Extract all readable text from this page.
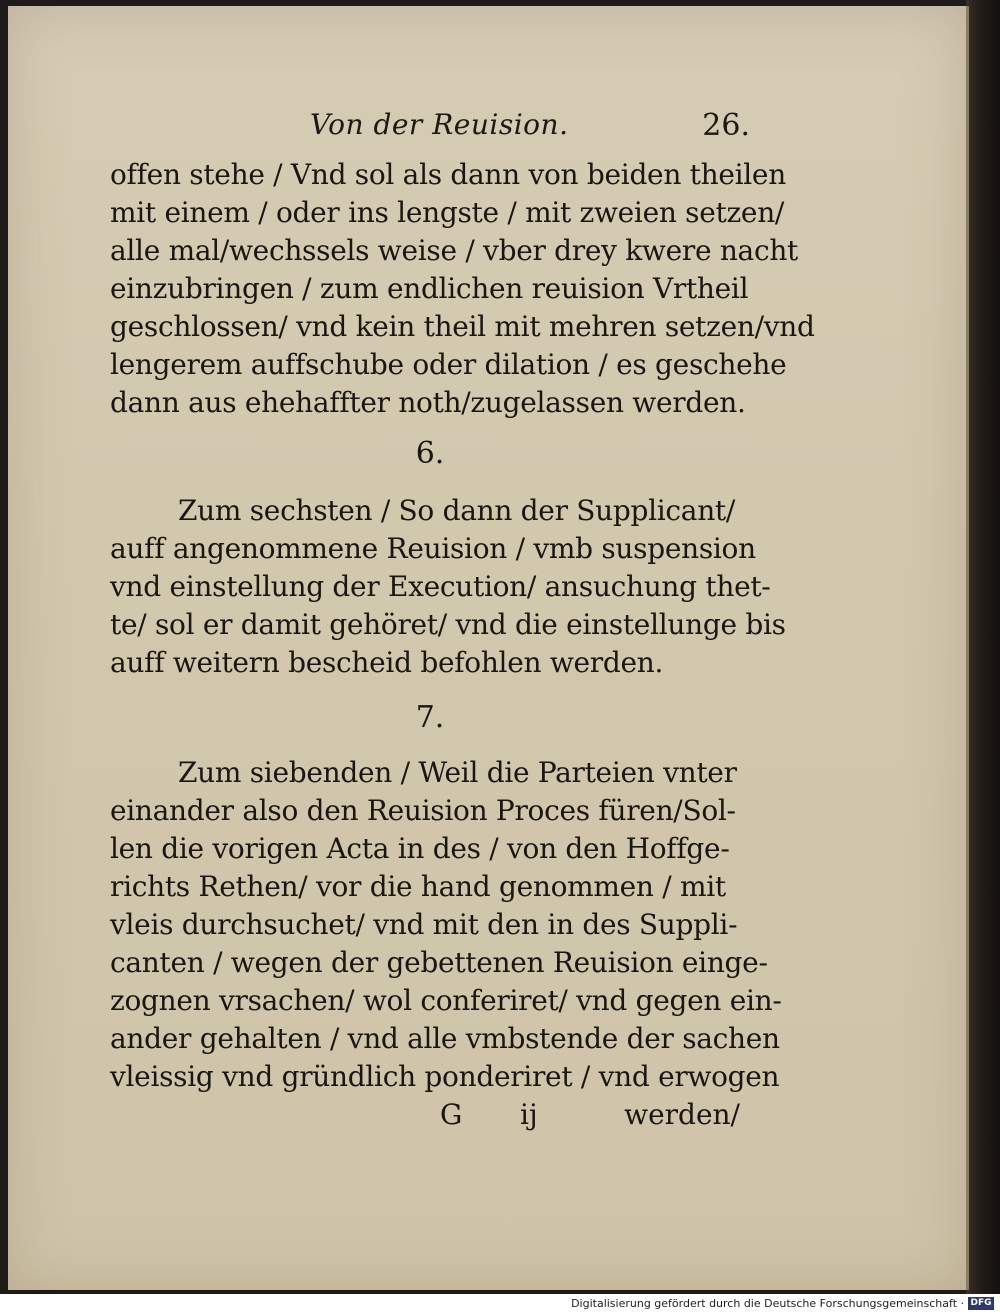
Von der Reuision.	26.
offen stehe / Vnd sol als dann von beiden theilen
mit einem / oder ins lengste / mit zweien setzen/
alle mal/wechssels weise / vber drey kwere nacht
einzubringen / zum endlichen reuision Vrtheil
geschlossen/ vnd kein theil mit mehren setzen/vnd
lengerem auffschube oder dilation / es geschehe
dann aus ehehaffter noth/zugelassen werden.
6.
Zum sechsten / So dann der Supplicant/
auff angenommene Reuision / vmb suspension
vnd einstellung der Execution/ ansuchung thet-
te/ sol er damit gehöret/ vnd die einstellunge bis
auff weitern bescheid befohlen werden.
7.
Zum siebenden / Weil die Parteien vnter
einander also den Reuision Proces füren/Sol-
len die vorigen Acta in des / von den Hoffge-
richts Rethen/ vor die hand genommen / mit
vleis durchsuchet/ vnd mit den in des Suppli-
canten / wegen der gebettenen Reuision einge-
zognen vrsachen/ wol conferiret/ vnd gegen ein-
ander gehalten / vnd alle vmbstende der sachen
vleissig vnd gründlich ponderiret / vnd erwogen
G ij	werden/
Digitalisierung gefördert durch die Deutsche Forschungsgemeinschaft · DFG
